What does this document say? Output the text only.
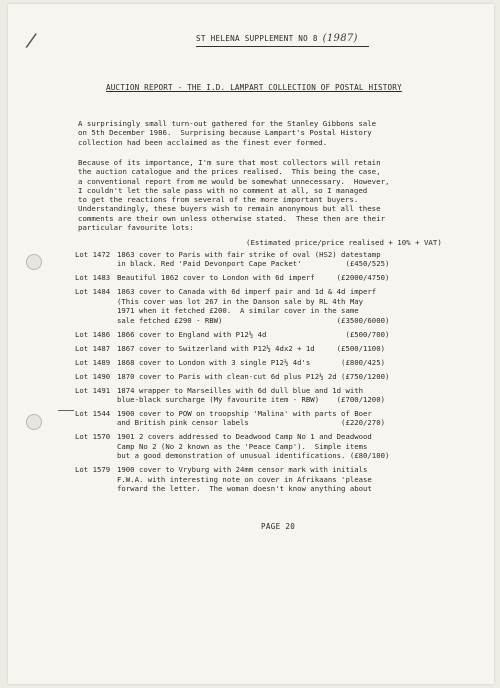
/	ST HELENA SUPPLEMENT NO 8 (1987)
AUCTION REPORT - THE I.D. LAMPART COLLECTION OF POSTAL HISTORY
A surprisingly small turn-out gathered for the Stanley Gibbons sale
on 5th December 1986.  Surprising because Lampart's Postal History
collection had been acclaimed as the finest ever formed.
Because of its importance, I'm sure that most collectors will retain
the auction catalogue and the prices realised.  This being the case,
a conventional report from me would be somewhat unnecessary.  However,
I couldn't let the sale pass with no comment at all, so I managed
to get the reactions from several of the more important buyers.
Understandingly, these buyers wish to remain anonymous but all these
comments are their own unless otherwise stated.  These then are their
particular favourite lots:
(Estimated price/price realised + 10% + VAT)
Lot 1472 1863 cover to Paris with fair strike of oval (HS2) datestamp
in black. Red 'Paid Devonport Cape Packet'          (£450/525)
Lot 1483 Beautiful 1862 cover to London with 6d imperf     (£2000/4750)
Lot 1484 1863 cover to Canada with 6d imperf pair and 1d & 4d imperf
(This cover was lot 267 in the Danson sale by RL 4th May
1971 when it fetched £200.  A similar cover in the same
sale fetched £290 - RBW)                          (£3500/6000)
Lot 1486 1866 cover to England with P12½ 4d                  (£500/700)
Lot 1487 1867 cover to Switzerland with P12½ 4dx2 + 1d     (£500/1100)
Lot 1489 1868 cover to London with 3 single P12½ 4d's       (£800/425)
Lot 1490 1870 cover to Paris with clean-cut 6d plus P12½ 2d (£750/1200)
Lot 1491 1874 wrapper to Marseilles with 6d dull blue and 1d with
blue-black surcharge (My favourite item - RBW)    (£700/1200)
Lot 1544 1900 cover to POW on troopship 'Malina' with parts of Boer
and British pink censor labels                     (£220/270)
Lot 1570 1901 2 covers addressed to Deadwood Camp No 1 and Deadwood
Camp No 2 (No 2 known as the 'Peace Camp').  Simple items
but a good demonstration of unusual identifications. (£80/100)
Lot 1579 1900 cover to Vryburg with 24mm censor mark with initials
F.W.A. with interesting note on cover in Afrikaans 'please
forward the letter.  The woman doesn't know anything about
PAGE 20
